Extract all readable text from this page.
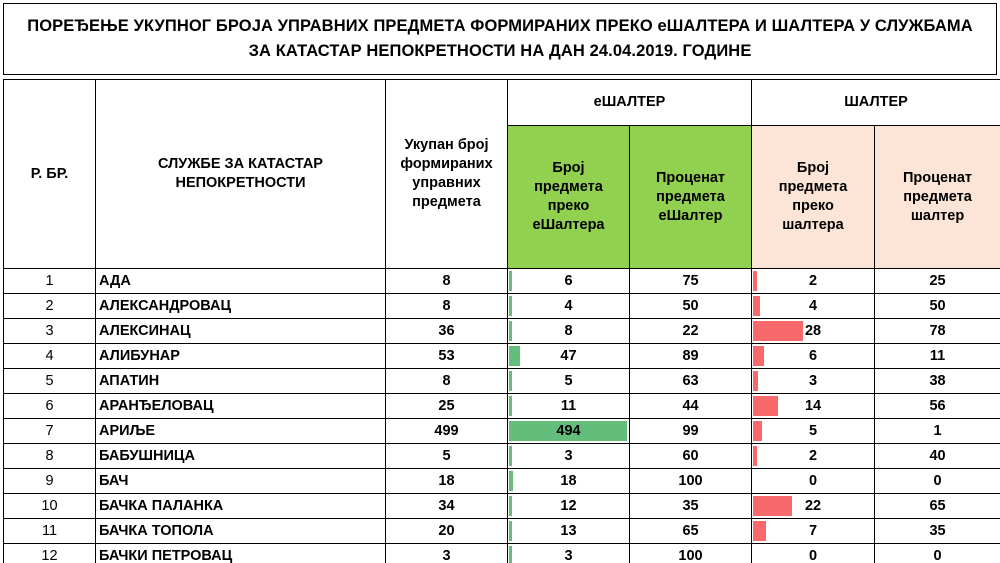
ПОРЕЂЕЊЕ УКУПНОГ БРОЈА УПРАВНИХ ПРЕДМЕТА ФОРМИРАНИХ ПРЕКО еШАЛТЕРА И ШАЛТЕРА У СЛУЖБАМА ЗА КАТАСТАР НЕПОКРЕТНОСТИ НА ДАН 24.04.2019. ГОДИНЕ
Р. БР.	СЛУЖБЕ ЗА КАТАСТАР НЕПОКРЕТНОСТИ	Укупан број формираних управних предмета	еШАЛТЕР		ШАЛТЕР	
			Број предмета преко еШалтера	Проценат предмета еШалтер	Број предмета преко шалтера	Проценат предмета шалтер
1	АДА	8	6	75	2	25
2	АЛЕКСАНДРОВАЦ	8	4	50	4	50
3	АЛЕКСИНАЦ	36	8	22	28	78
4	АЛИБУНАР	53	47	89	6	11
5	АПАТИН	8	5	63	3	38
6	АРАНЂЕЛОВАЦ	25	11	44	14	56
7	АРИЉЕ	499	494	99	5	1
8	БАБУШНИЦА	5	3	60	2	40
9	БАЧ	18	18	100	0	0
10	БАЧКА ПАЛАНКА	34	12	35	22	65
11	БАЧКА ТОПОЛА	20	13	65	7	35
12	БАЧКИ ПЕТРОВАЦ	3	3	100	0	0
